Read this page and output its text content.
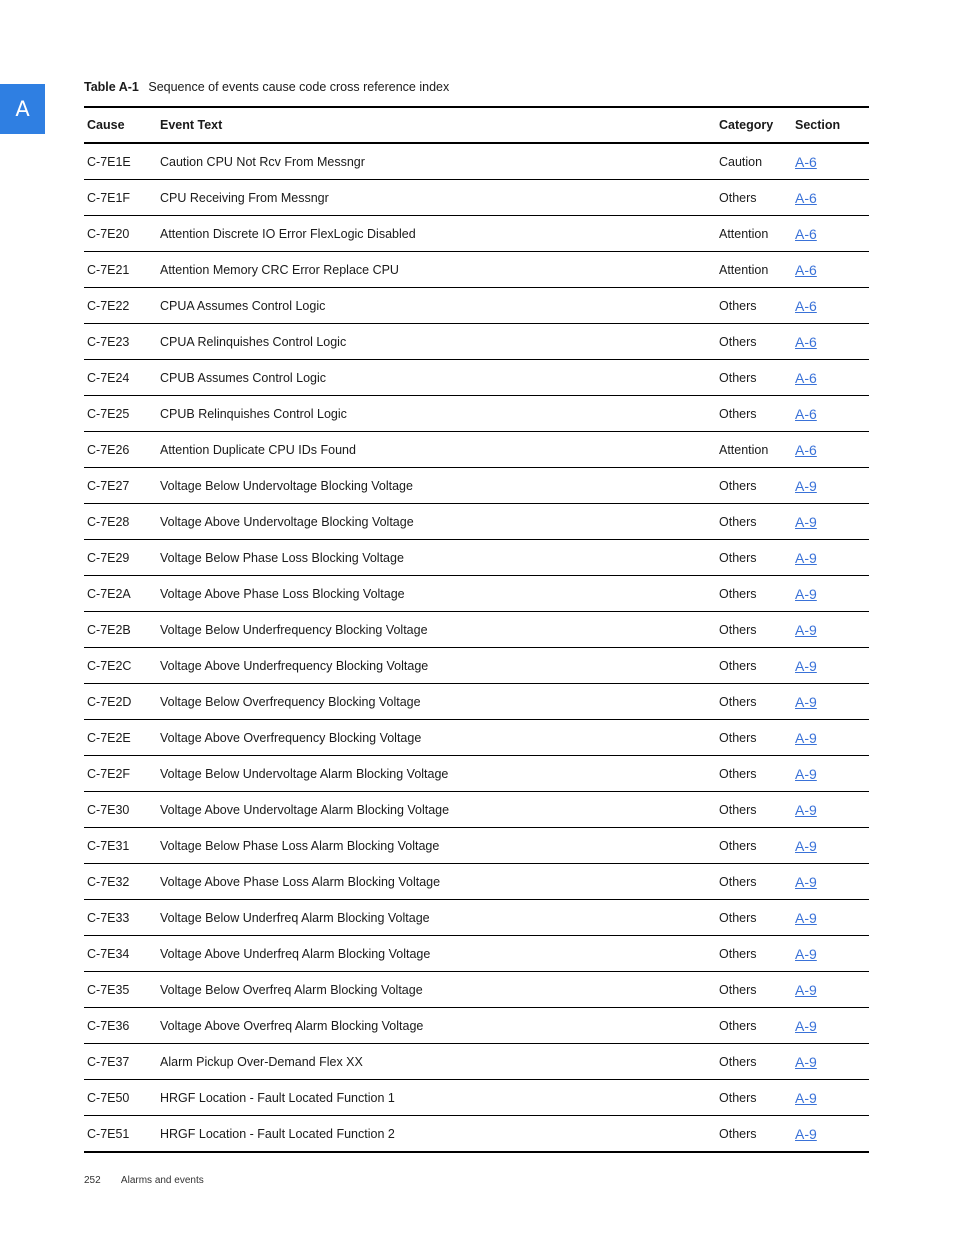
A
Table A-1 Sequence of events cause code cross reference index
Cause	Event Text	Category	Section
C-7E1E	Caution CPU Not Rcv From Messngr	Caution	A-6
C-7E1F	CPU Receiving From Messngr	Others	A-6
C-7E20	Attention Discrete IO Error FlexLogic Disabled	Attention	A-6
C-7E21	Attention Memory CRC Error Replace CPU	Attention	A-6
C-7E22	CPUA Assumes Control Logic	Others	A-6
C-7E23	CPUA Relinquishes Control Logic	Others	A-6
C-7E24	CPUB Assumes Control Logic	Others	A-6
C-7E25	CPUB Relinquishes Control Logic	Others	A-6
C-7E26	Attention Duplicate CPU IDs Found	Attention	A-6
C-7E27	Voltage Below Undervoltage Blocking Voltage	Others	A-9
C-7E28	Voltage Above Undervoltage Blocking Voltage	Others	A-9
C-7E29	Voltage Below Phase Loss Blocking Voltage	Others	A-9
C-7E2A	Voltage Above Phase Loss Blocking Voltage	Others	A-9
C-7E2B	Voltage Below Underfrequency Blocking Voltage	Others	A-9
C-7E2C	Voltage Above Underfrequency Blocking Voltage	Others	A-9
C-7E2D	Voltage Below Overfrequency Blocking Voltage	Others	A-9
C-7E2E	Voltage Above Overfrequency Blocking Voltage	Others	A-9
C-7E2F	Voltage Below Undervoltage Alarm Blocking Voltage	Others	A-9
C-7E30	Voltage Above Undervoltage Alarm Blocking Voltage	Others	A-9
C-7E31	Voltage Below Phase Loss Alarm Blocking Voltage	Others	A-9
C-7E32	Voltage Above Phase Loss Alarm Blocking Voltage	Others	A-9
C-7E33	Voltage Below Underfreq Alarm Blocking Voltage	Others	A-9
C-7E34	Voltage Above Underfreq Alarm Blocking Voltage	Others	A-9
C-7E35	Voltage Below Overfreq Alarm Blocking Voltage	Others	A-9
C-7E36	Voltage Above Overfreq Alarm Blocking Voltage	Others	A-9
C-7E37	Alarm Pickup Over-Demand Flex XX	Others	A-9
C-7E50	HRGF Location - Fault Located Function 1	Others	A-9
C-7E51	HRGF Location - Fault Located Function 2	Others	A-9
252 Alarms and events
